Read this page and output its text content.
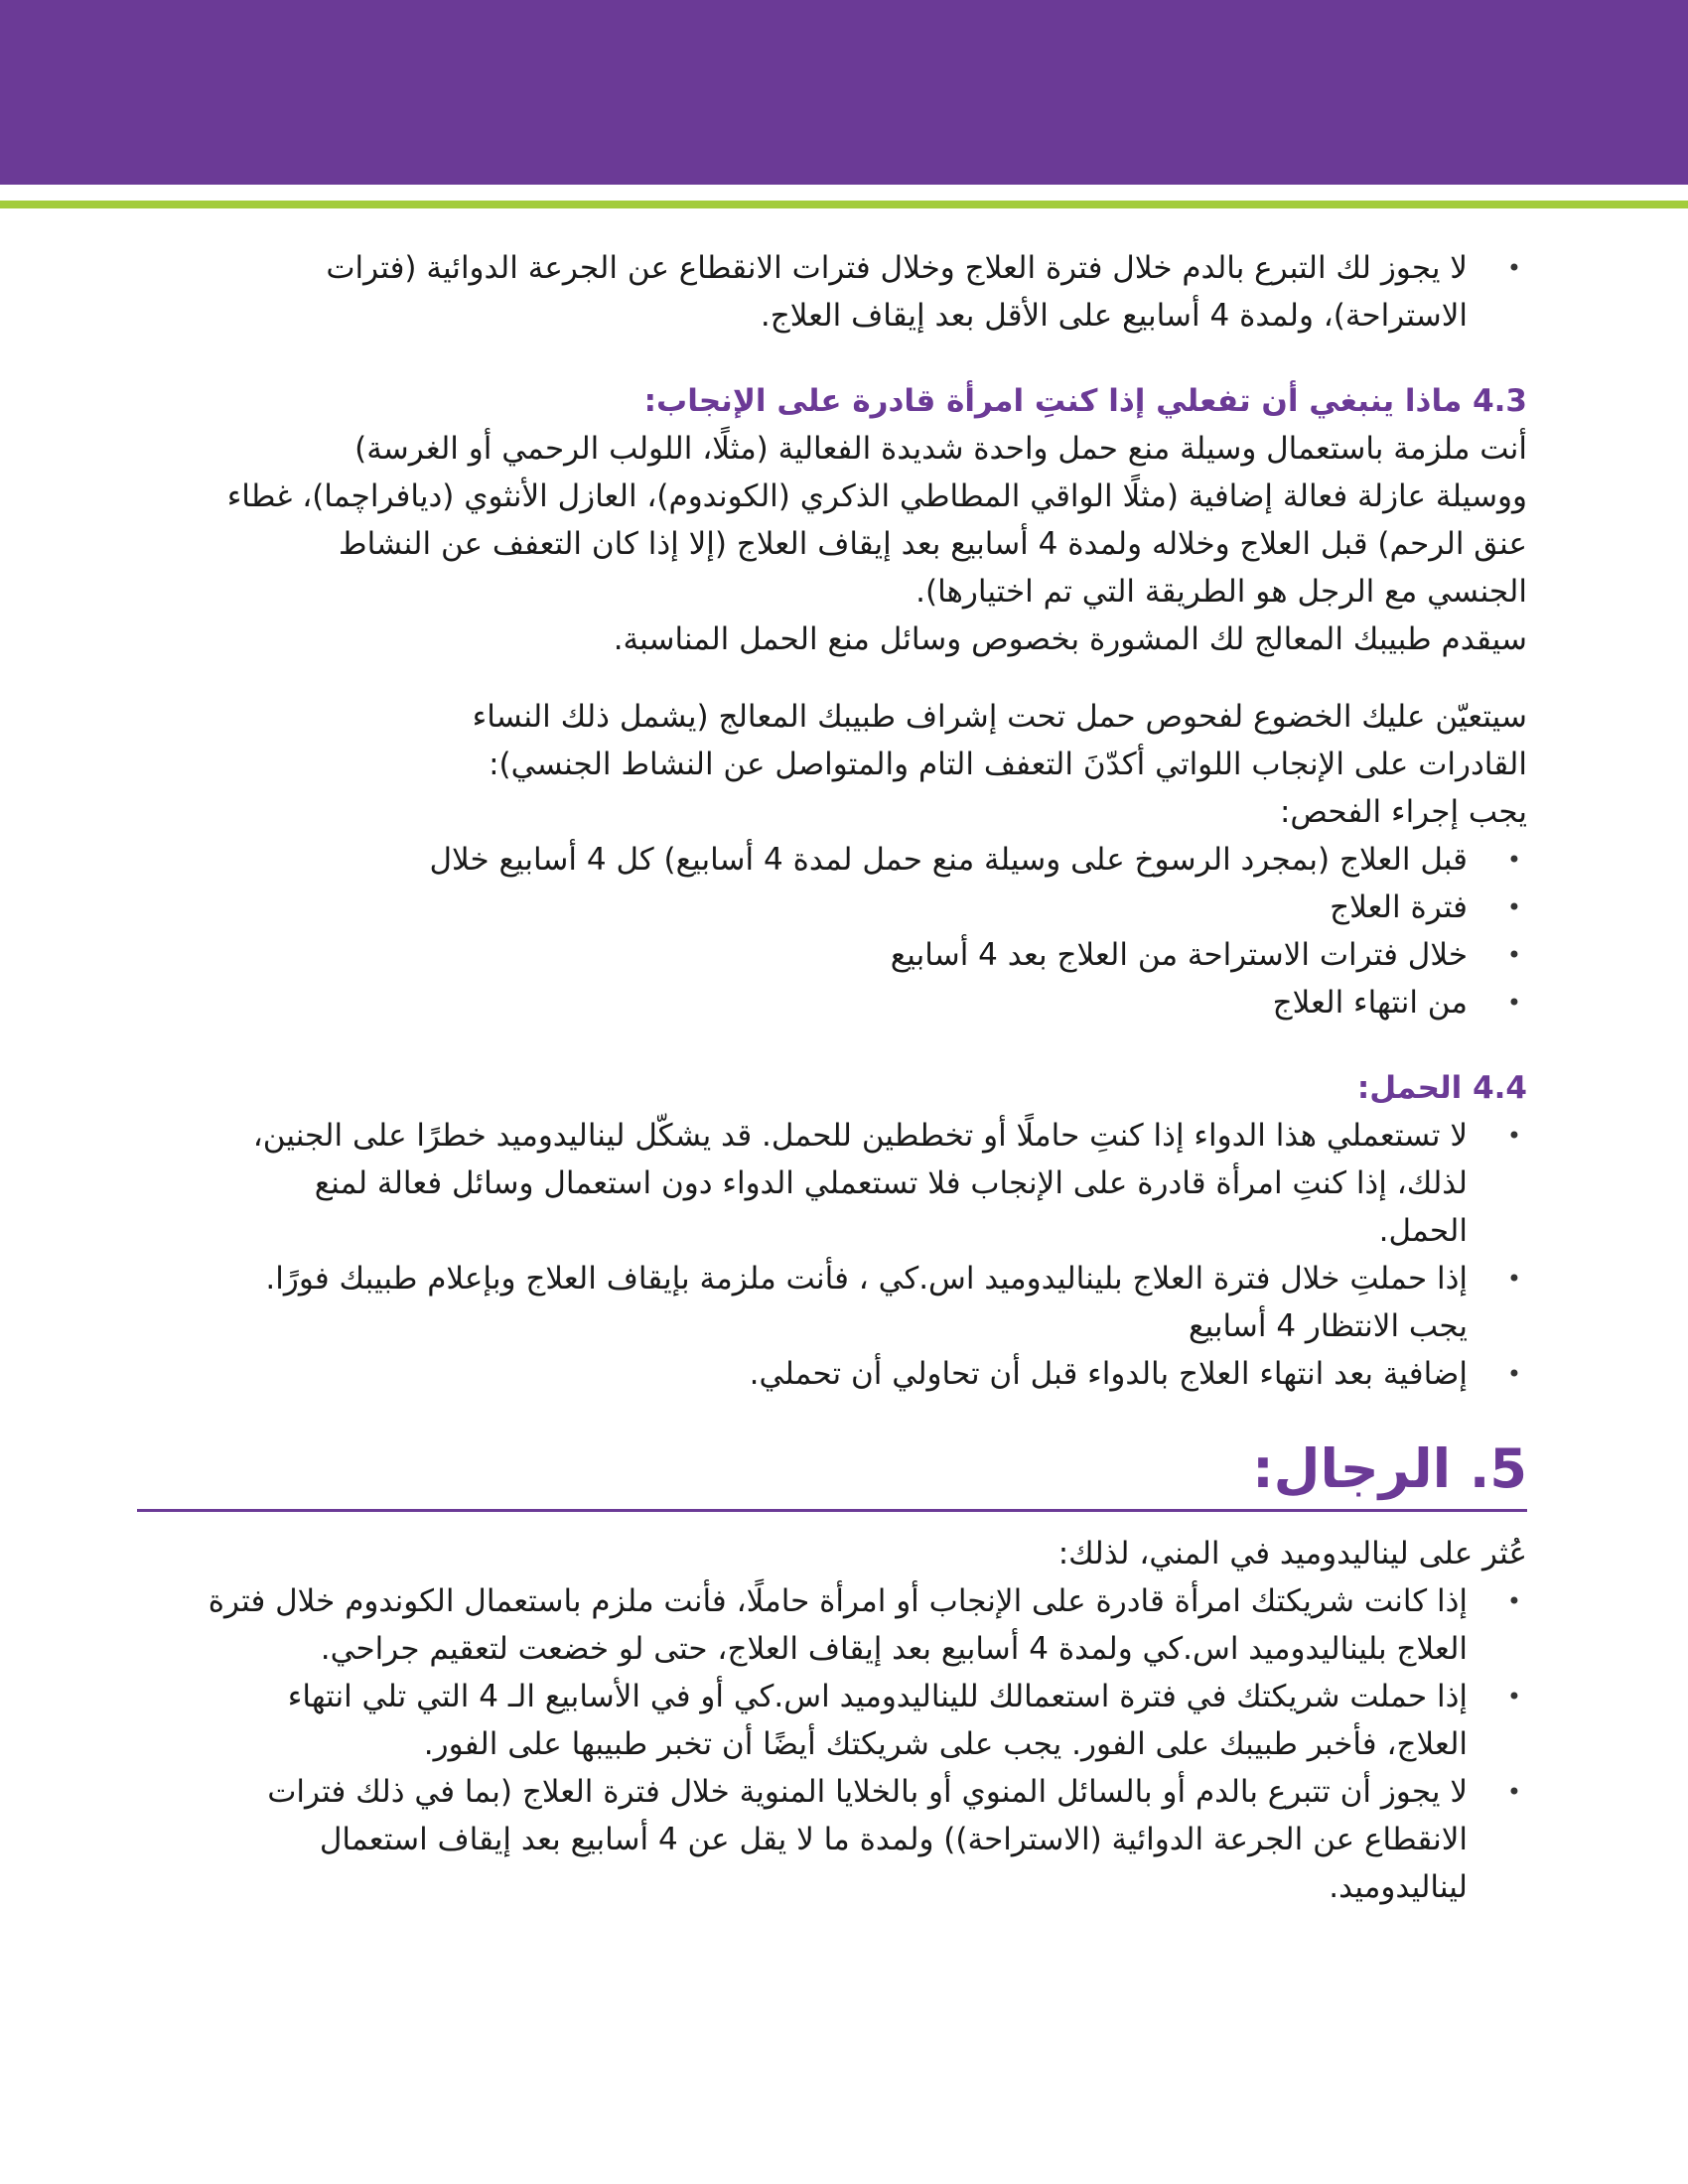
• لا يجوز لك التبرع بالدم خلال فترة العلاج وخلال فترات الانقطاع عن الجرعة الدوائية (فترات
الاستراحة)، ولمدة 4 أسابيع على الأقل بعد إيقاف العلاج.
4.3 ماذا ينبغي أن تفعلي إذا كنتِ امرأة قادرة على الإنجاب:

أنت ملزمة باستعمال وسيلة منع حمل واحدة شديدة الفعالية (مثلًا، اللولب الرحمي أو الغرسة)
ووسيلة عازلة فعالة إضافية (مثلًا الواقي المطاطي الذكري (الكوندوم)، العازل الأنثوي (ديافراچما)، غطاء
عنق الرحم) قبل العلاج وخلاله ولمدة 4 أسابيع بعد إيقاف العلاج (إلا إذا كان التعفف عن النشاط
الجنسي مع الرجل هو الطريقة التي تم اختيارها).
سيقدم طبيبك المعالج لك المشورة بخصوص وسائل منع الحمل المناسبة.

سيتعيّن عليك الخضوع لفحوص حمل تحت إشراف طبيبك المعالج (يشمل ذلك النساء
القادرات على الإنجاب اللواتي أكدّنَ التعفف التام والمتواصل عن النشاط الجنسي):
يجب إجراء الفحص:

• قبل العلاج (بمجرد الرسوخ على وسيلة منع حمل لمدة 4 أسابيع) كل 4 أسابيع خلال
• فترة العلاج
• خلال فترات الاستراحة من العلاج بعد 4 أسابيع
• من انتهاء العلاج
4.4 الحمل:
• لا تستعملي هذا الدواء إذا كنتِ حاملًا أو تخططين للحمل. قد يشكّل ليناليدوميد خطرًا على الجنين،
لذلك، إذا كنتِ امرأة قادرة على الإنجاب فلا تستعملي الدواء دون استعمال وسائل فعالة لمنع
الحمل.
• إذا حملتِ خلال فترة العلاج بليناليدوميد اس.كي ، فأنت ملزمة بإيقاف العلاج وبإعلام طبيبك فورًا.
يجب الانتظار 4 أسابيع
• إضافية بعد انتهاء العلاج بالدواء قبل أن تحاولي أن تحملي.
5. الرجال:
عُثر على ليناليدوميد في المني، لذلك:
• إذا كانت شريكتك امرأة قادرة على الإنجاب أو امرأة حاملًا، فأنت ملزم باستعمال الكوندوم خلال فترة
العلاج بليناليدوميد اس.كي ولمدة 4 أسابيع بعد إيقاف العلاج، حتى لو خضعت لتعقيم جراحي.
• إذا حملت شريكتك في فترة استعمالك لليناليدوميد اس.كي أو في الأسابيع الـ 4 التي تلي انتهاء
العلاج، فأخبر طبيبك على الفور. يجب على شريكتك أيضًا أن تخبر طبيبها على الفور.
• لا يجوز أن تتبرع بالدم أو بالسائل المنوي أو بالخلايا المنوية خلال فترة العلاج (بما في ذلك فترات
الانقطاع عن الجرعة الدوائية (الاستراحة)) ولمدة ما لا يقل عن 4 أسابيع بعد إيقاف استعمال
ليناليدوميد.
